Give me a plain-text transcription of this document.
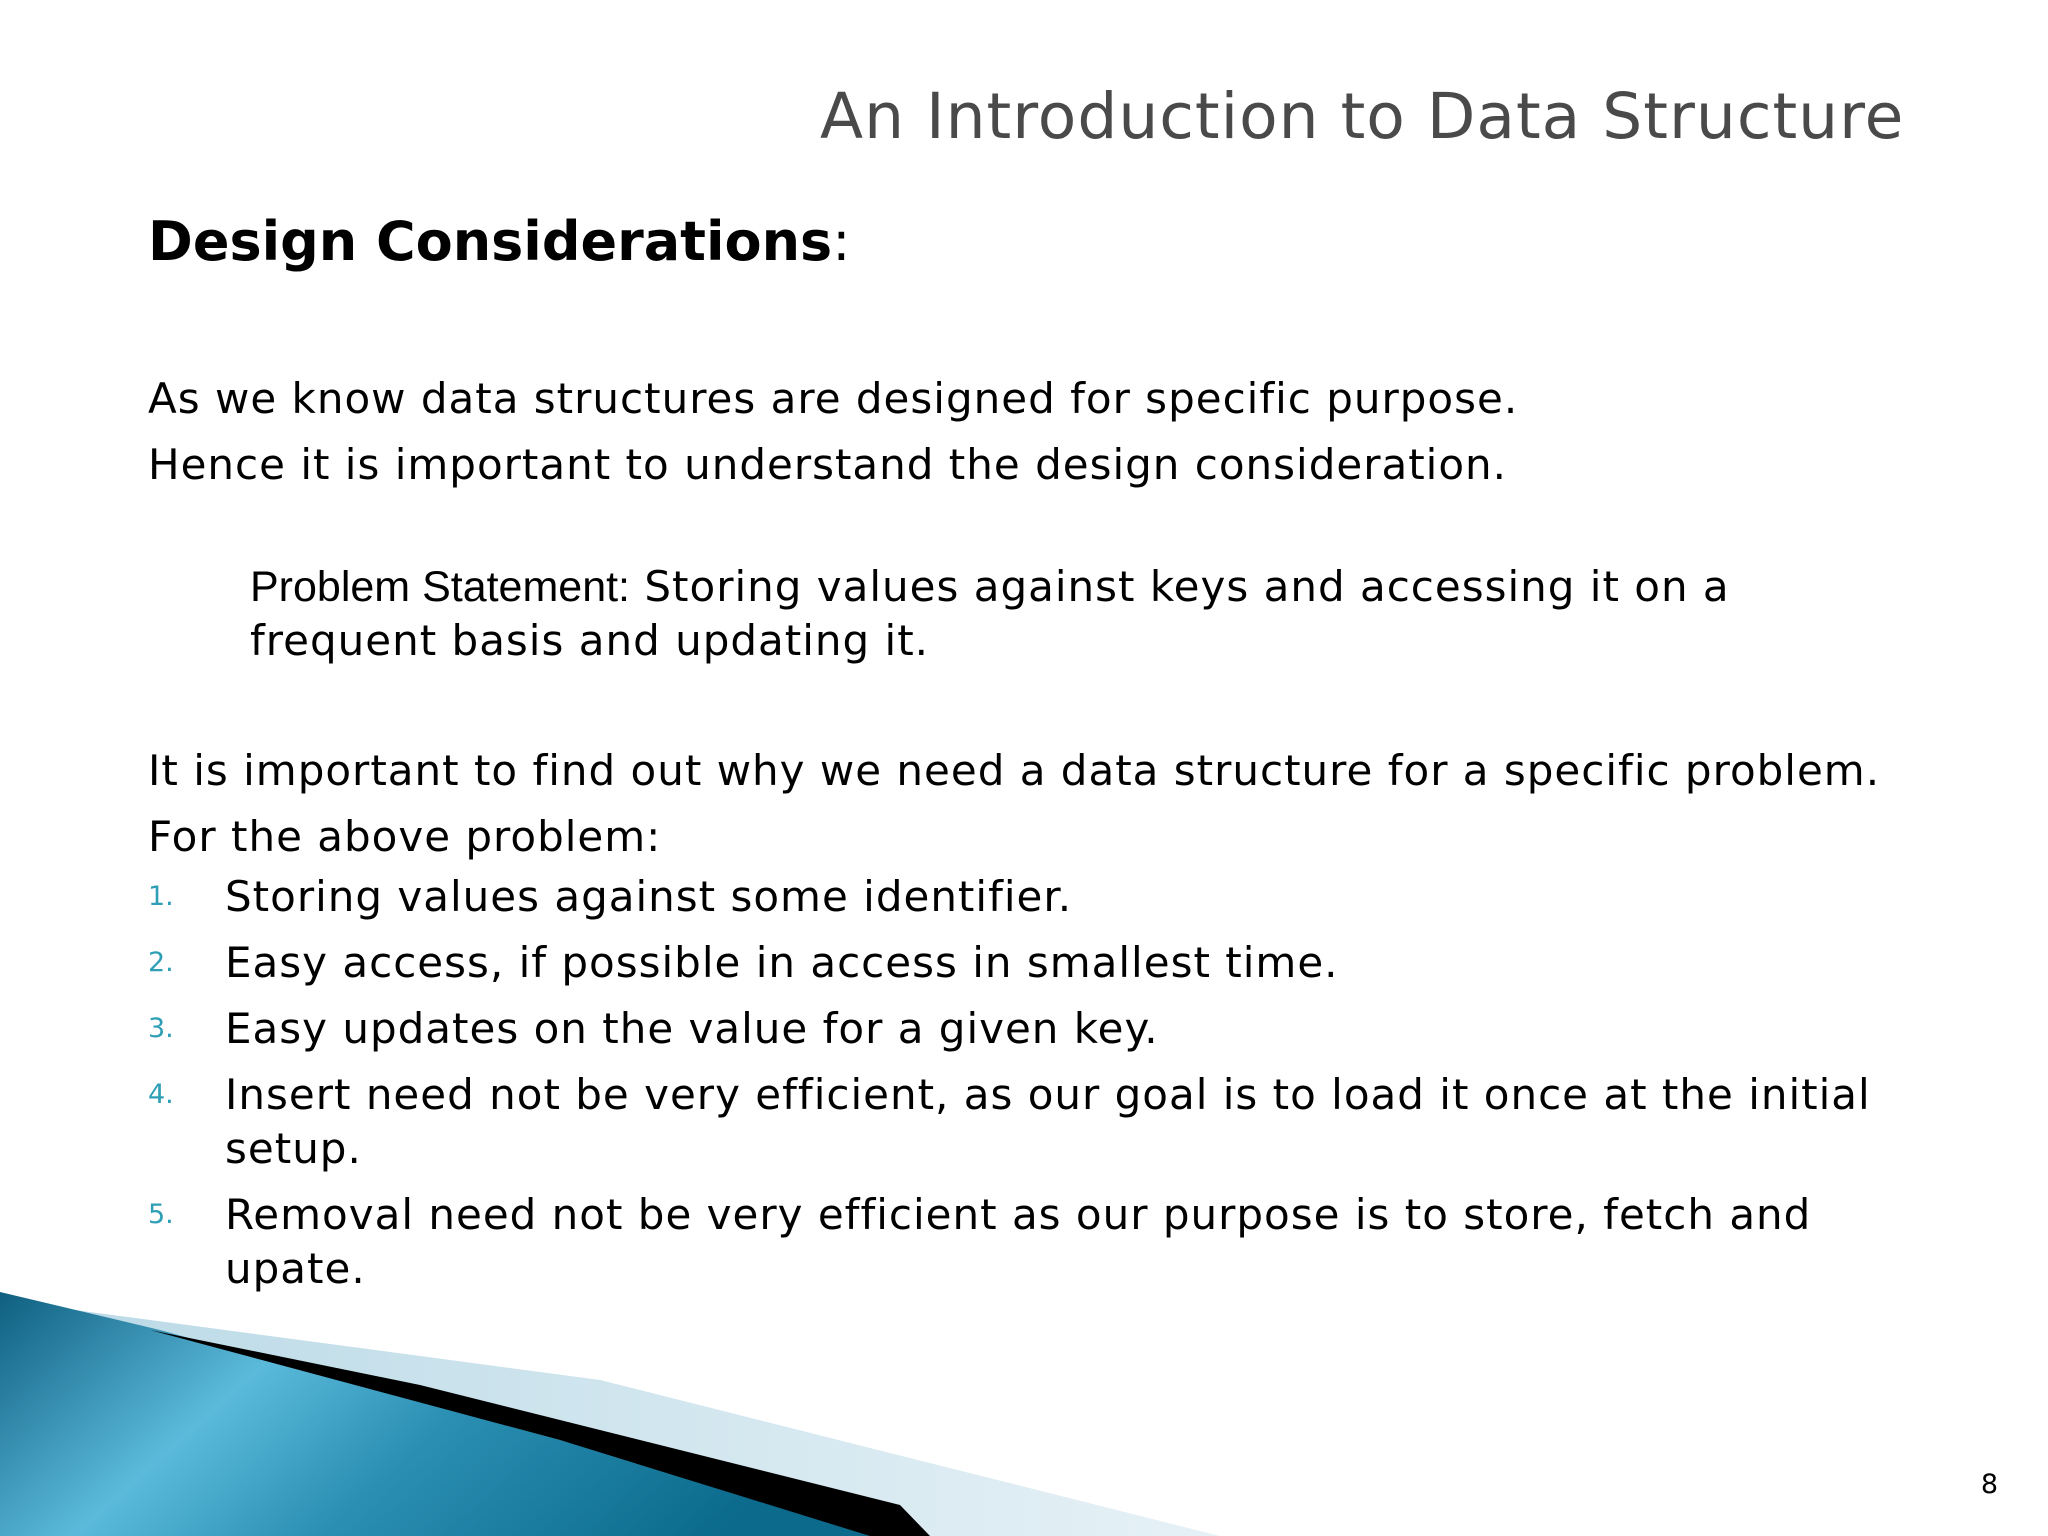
An Introduction to Data Structure
Design Considerations:
As we know data structures are designed for specific purpose.
Hence it is important to understand the design consideration.
Problem Statement: Storing values against keys and accessing it on a frequent basis and updating it.
It is important to find out why we need a data structure for a specific problem.
For the above problem:
1. Storing values against some identifier.
2. Easy access, if possible in access in smallest time.
3. Easy updates on the value for a given key.
4. Insert need not be very efficient, as our goal is to load it once at the initial setup.
5. Removal need not be very efficient as our purpose is to store, fetch and upate.
8
